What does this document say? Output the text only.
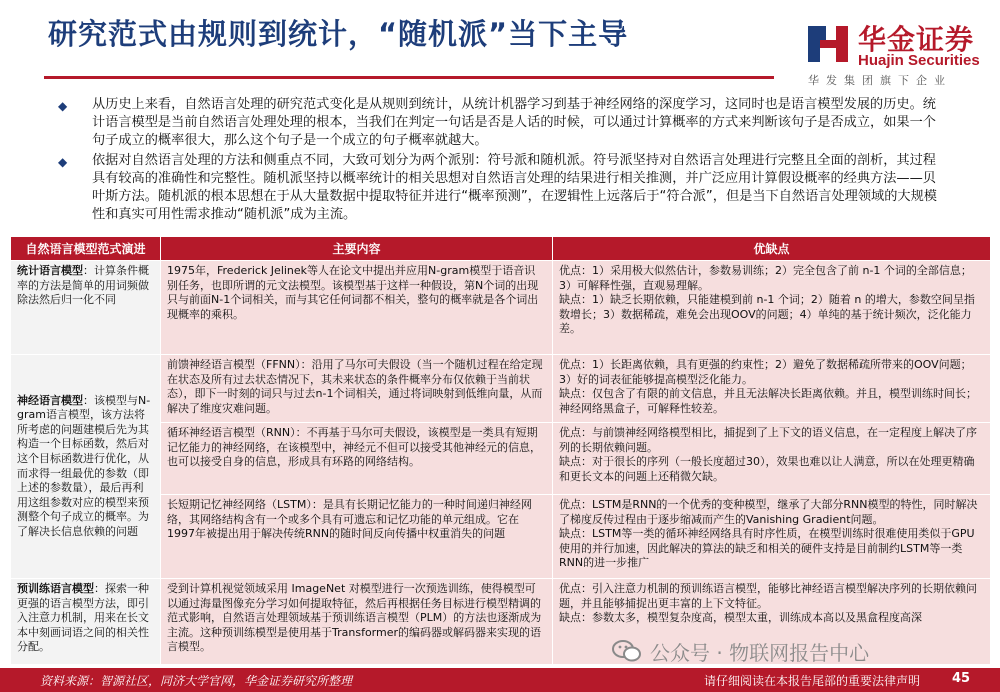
研究范式由规则到统计，“随机派”当下主导	华金证券
Huajin Securities
华发集团旗下企业
◆ 从历史上来看，自然语言处理的研究范式变化是从规则到统计，从统计机器学习到基于神经网络的深度学习，这同时也是语言模型发展的历史。统计语言模型是当前自然语言处理处理的根本，当我们在判定一句话是否是人话的时候，可以通过计算概率的方式来判断该句子是否成立，如果一个句子成立的概率很大，那么这个句子是一个成立的句子概率就越大。
◆ 依据对自然语言处理的方法和侧重点不同，大致可划分为两个派别：符号派和随机派。符号派坚持对自然语言处理进行完整且全面的剖析，其过程具有较高的准确性和完整性。随机派坚持以概率统计的相关思想对自然语言处理的结果进行相关推测，并广泛应用计算假设概率的经典方法——贝叶斯方法。随机派的根本思想在于从大量数据中提取特征并进行“概率预测”，在逻辑性上远落后于“符合派”，但是当下自然语言处理领域的大规模性和真实可用性需求推动“随机派”成为主流。
自然语言模型范式演进	主要内容	优缺点
统计语言模型：计算条件概率的方法是简单的用词频做除法然后归一化不同	1975年，Frederick Jelinek等人在论文中提出并应用N-gram模型于语音识别任务，也即所谓的元文法模型。该模型基于这样一种假设，第N个词的出现只与前面N-1个词相关，而与其它任何词都不相关，整句的概率就是各个词出现概率的乘积。	优点：1）采用极大似然估计，参数易训练；2）完全包含了前 n-1 个词的全部信息；3）可解释性强，直观易理解。
缺点：1）缺乏长期依赖，只能建模到前 n-1 个词；2）随着 n 的增大，参数空间呈指数增长；3）数据稀疏，难免会出现OOV的问题；4）单纯的基于统计频次，泛化能力差。
神经语言模型：该模型与N-gram语言模型，该方法将所考虑的问题建模后先为其构造一个目标函数，然后对这个目标函数进行优化，从而求得一组最优的参数（即上述的参数量），最后再利用这组参数对应的模型来预测整个句子成立的概率。为了解决长信息依赖的问题	前馈神经语言模型（FFNN）：沿用了马尔可夫假设（当一个随机过程在给定现在状态及所有过去状态情况下，其未来状态的条件概率分布仅依赖于当前状态），即下一时刻的词只与过去n-1个词相关，通过将词映射到低维向量，从而解决了维度灾难问题。	优点：1）长距离依赖，具有更强的约束性；2）避免了数据稀疏所带来的OOV问题；3）好的词表征能够提高模型泛化能力。
缺点：仅包含了有限的前文信息，并且无法解决长距离依赖。并且，模型训练时间长；神经网络黑盒子，可解释性较差。
	循环神经语言模型（RNN）：不再基于马尔可夫假设，该模型是一类具有短期记忆能力的神经网络，在该模型中，神经元不但可以接受其他神经元的信息，也可以接受自身的信息，形成具有环路的网络结构。	优点：与前馈神经网络模型相比，捕捉到了上下文的语义信息，在一定程度上解决了序列的长期依赖问题。
缺点：对于很长的序列（一般长度超过30），效果也难以让人满意，所以在处理更精确和更长文本的问题上还稍微欠缺。
	长短期记忆神经网络（LSTM）：是具有长期记忆能力的一种时间递归神经网络，其网络结构含有一个或多个具有可遗忘和记忆功能的单元组成。它在1997年被提出用于解决传统RNN的随时间反向传播中权重消失的问题	优点：LSTM是RNN的一个优秀的变种模型，继承了大部分RNN模型的特性，同时解决了梯度反传过程由于逐步缩减而产生的Vanishing Gradient问题。
缺点：LSTM等一类的循环神经网络具有时序性质，在模型训练时很难使用类似于GPU使用的并行加速，因此解决的算法的缺乏和相关的硬件支持是目前制约LSTM等一类RNN的进一步推广
预训练语言模型：探索一种更强的语言模型方法，即引入注意力机制，用来在长文本中刻画词语之间的相关性分配。	受到计算机视觉领域采用 ImageNet 对模型进行一次预选训练，使得模型可以通过海量图像充分学习如何提取特征，然后再根据任务目标进行模型精调的范式影响，自然语言处理领域基于预训练语言模型（PLM）的方法也逐渐成为主流。这种预训练模型是使用基于Transformer的编码器或解码器来实现的语言模型。	优点：引入注意力机制的预训练语言模型，能够比神经语言模型解决序列的长期依赖问题，并且能够捕捉出更丰富的上下文特征。
缺点：参数太多，模型复杂度高，模型太重，训练成本高以及黑盒程度高深
公众号 · 物联网报告中心
资料来源：智源社区，同济大学官网，华金证券研究所整理	请仔细阅读在本报告尾部的重要法律声明 45
